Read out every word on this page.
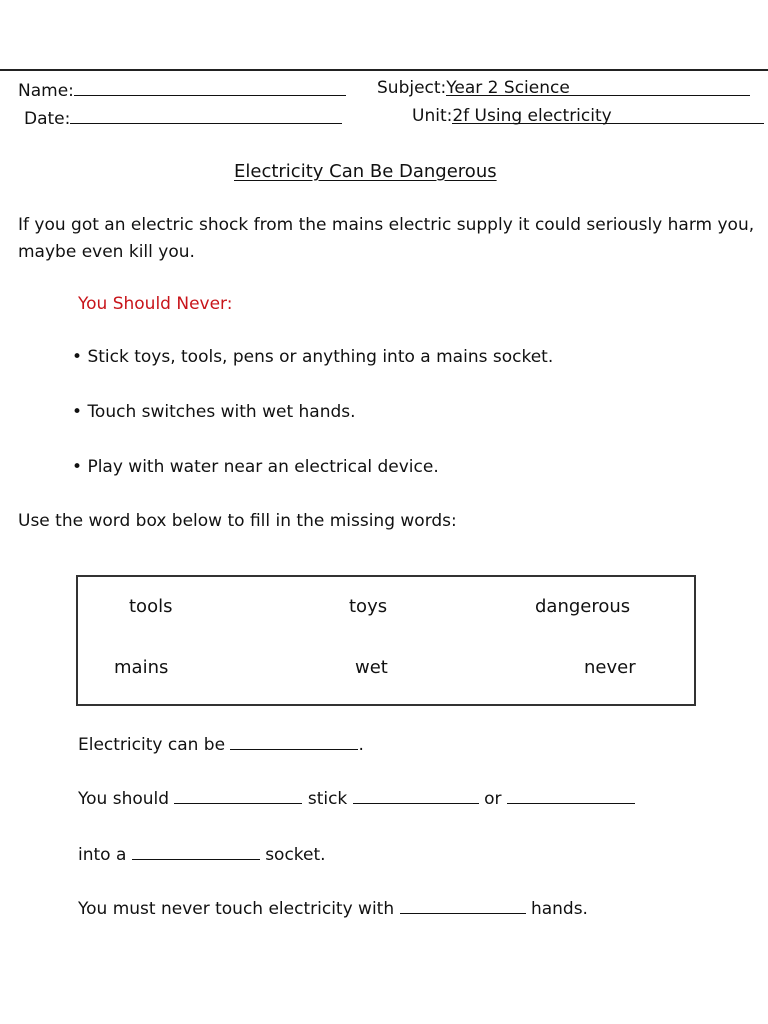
Name:
Date:
Subject:Year 2 Science
Unit:2f Using electricity
Electricity Can Be Dangerous
If you got an electric shock from the mains electric supply it could seriously harm you, maybe even kill you.
You Should Never:
• Stick toys, tools, pens or anything into a mains socket.
• Touch switches with wet hands.
• Play with water near an electrical device.
Use the word box below to fill in the missing words:
tools	toys	dangerous
mains	wet	never
Electricity can be	.
You should	stick	or
into a	socket.
You must never touch electricity with	hands.
